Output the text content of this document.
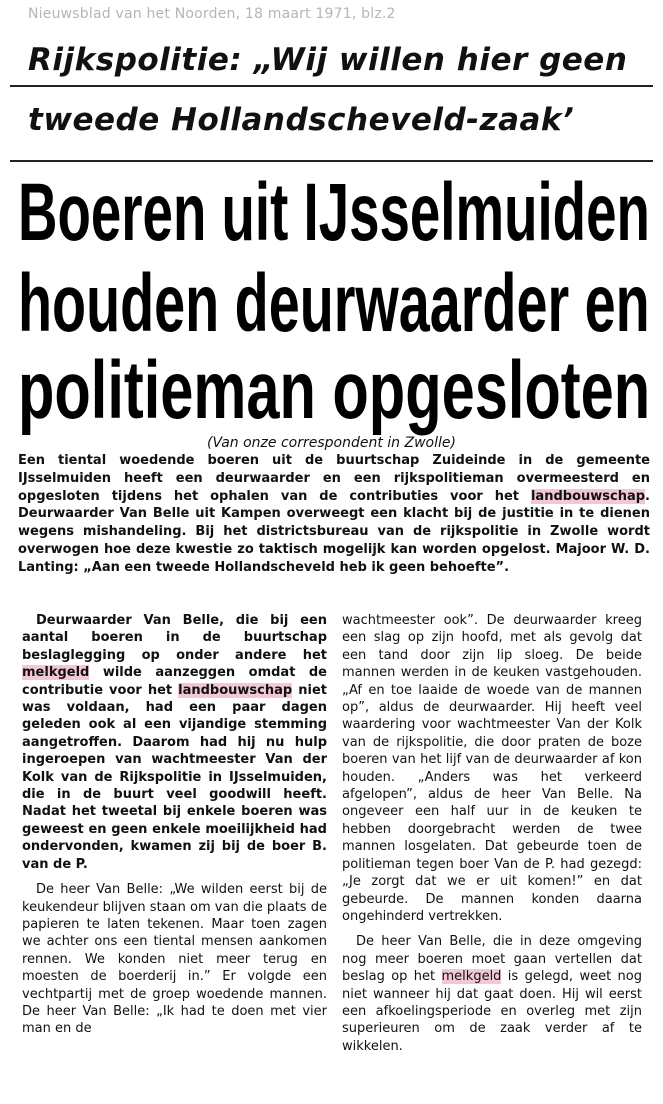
Nieuwsblad van het Noorden, 18 maart 1971, blz.2
Rijkspolitie: „Wij willen hier geen
tweede Hollandscheveld-zaak’
Boeren uit IJsselmuiden
houden deurwaarder en
politieman opgesloten
(Van onze correspondent in Zwolle)
Een tiental woedende boeren uit de buurtschap Zuideinde in de gemeente IJsselmuiden heeft een deurwaarder en een rijkspolitieman overmeesterd en opgesloten tijdens het ophalen van de contributies voor het landbouwschap. Deurwaarder Van Belle uit Kampen overweegt een klacht bij de justitie in te dienen wegens mishandeling. Bij het districtsbureau van de rijkspolitie in Zwolle wordt overwogen hoe deze kwestie zo taktisch mogelijk kan worden opgelost. Majoor W. D. Lanting: „Aan een tweede Hollandscheveld heb ik geen behoefte”.

Deurwaarder Van Belle, die bij een aantal boeren in de buurtschap beslaglegging op onder andere het melkgeld wilde aanzeggen omdat de contributie voor het landbouwschap niet was voldaan, had een paar dagen geleden ook al een vijandige stemming aangetroffen. Daarom had hij nu hulp ingeroepen van wachtmeester Van der Kolk van de Rijkspolitie in IJsselmuiden, die in de buurt veel goodwill heeft. Nadat het tweetal bij enkele boeren was geweest en geen enkele moeilijkheid had ondervonden, kwamen zij bij de boer B. van de P.

De heer Van Belle: „We wilden eerst bij de keukendeur blijven staan om van die plaats de papieren te laten tekenen. Maar toen zagen we achter ons een tiental mensen aankomen rennen. We konden niet meer terug en moesten de boerderij in.” Er volgde een vechtpartij met de groep woedende mannen. De heer Van Belle: „Ik had te doen met vier man en de

wachtmeester ook”. De deurwaarder kreeg een slag op zijn hoofd, met als gevolg dat een tand door zijn lip sloeg. De beide mannen werden in de keuken vastgehouden. „Af en toe laaide de woede van de mannen op”, aldus de deurwaarder. Hij heeft veel waardering voor wachtmeester Van der Kolk van de rijkspolitie, die door praten de boze boeren van het lijf van de deurwaarder af kon houden. „Anders was het verkeerd afgelopen”, aldus de heer Van Belle. Na ongeveer een half uur in de keuken te hebben doorgebracht werden de twee mannen losgelaten. Dat gebeurde toen de politieman tegen boer Van de P. had gezegd: „Je zorgt dat we er uit komen!” en dat gebeurde. De mannen konden daarna ongehinderd vertrekken.

De heer Van Belle, die in deze omgeving nog meer boeren moet gaan vertellen dat beslag op het melkgeld is gelegd, weet nog niet wanneer hij dat gaat doen. Hij wil eerst een afkoelingsperiode en overleg met zijn superieuren om de zaak verder af te wikkelen.
